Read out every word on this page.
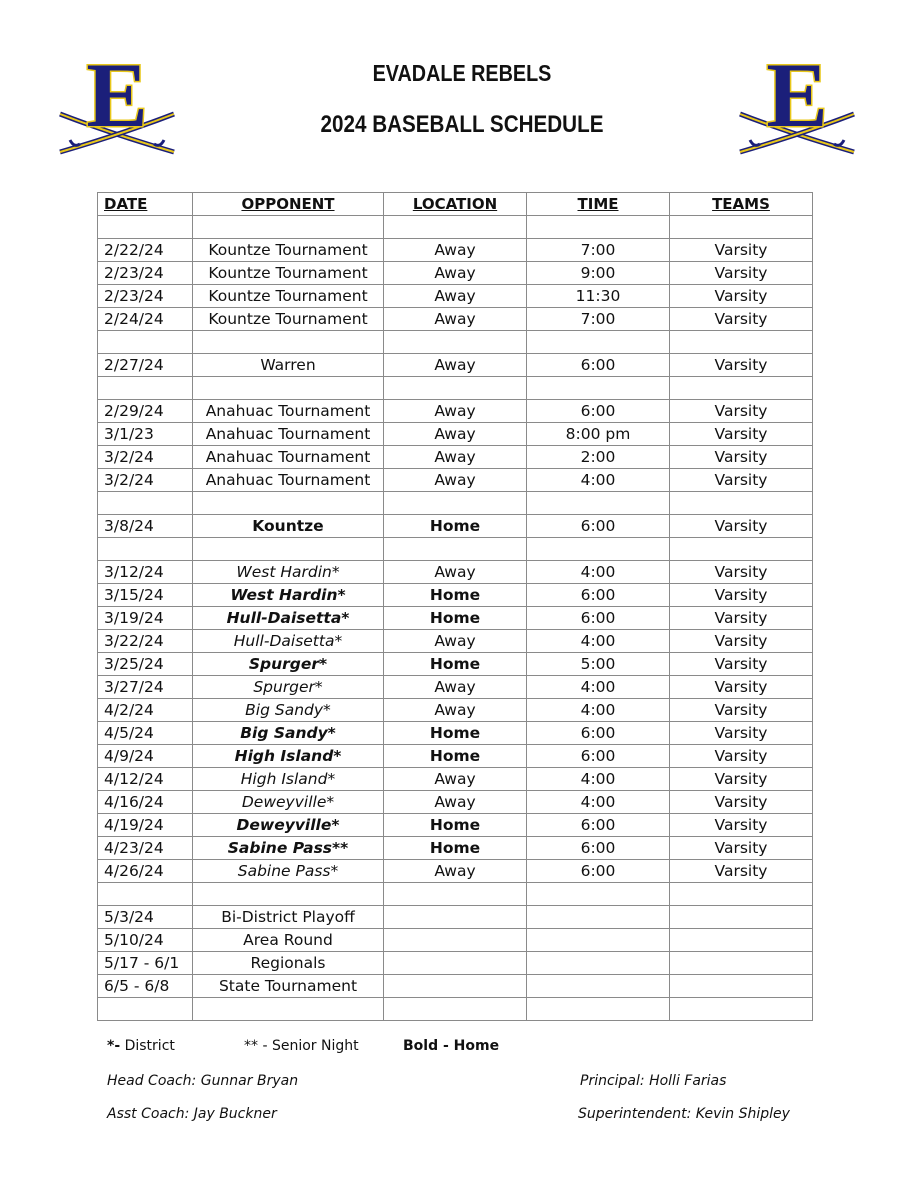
E	E
EVADALE REBELS
2024 BASEBALL SCHEDULE
DATE	OPPONENT	LOCATION	TIME	TEAMS

2/22/24	Kountze Tournament	Away	7:00	Varsity
2/23/24	Kountze Tournament	Away	9:00	Varsity
2/23/24	Kountze Tournament	Away	11:30	Varsity
2/24/24	Kountze Tournament	Away	7:00	Varsity

2/27/24	Warren	Away	6:00	Varsity

2/29/24	Anahuac Tournament	Away	6:00	Varsity
3/1/23	Anahuac Tournament	Away	8:00 pm	Varsity
3/2/24	Anahuac Tournament	Away	2:00	Varsity
3/2/24	Anahuac Tournament	Away	4:00	Varsity

3/8/24	Kountze	Home	6:00	Varsity

3/12/24	West Hardin*	Away	4:00	Varsity
3/15/24	West Hardin*	Home	6:00	Varsity
3/19/24	Hull-Daisetta*	Home	6:00	Varsity
3/22/24	Hull-Daisetta*	Away	4:00	Varsity
3/25/24	Spurger*	Home	5:00	Varsity
3/27/24	Spurger*	Away	4:00	Varsity
4/2/24	Big Sandy*	Away	4:00	Varsity
4/5/24	Big Sandy*	Home	6:00	Varsity
4/9/24	High Island*	Home	6:00	Varsity
4/12/24	High Island*	Away	4:00	Varsity
4/16/24	Deweyville*	Away	4:00	Varsity
4/19/24	Deweyville*	Home	6:00	Varsity
4/23/24	Sabine Pass**	Home	6:00	Varsity
4/26/24	Sabine Pass*	Away	6:00	Varsity

5/3/24	Bi-District Playoff			
5/10/24	Area Round			
5/17 - 6/1	Regionals			
6/5 - 6/8	State Tournament			

*- District	** - Senior Night	Bold - Home
Head Coach: Gunnar Bryan	Principal: Holli Farias
Asst Coach: Jay Buckner	Superintendent: Kevin Shipley
